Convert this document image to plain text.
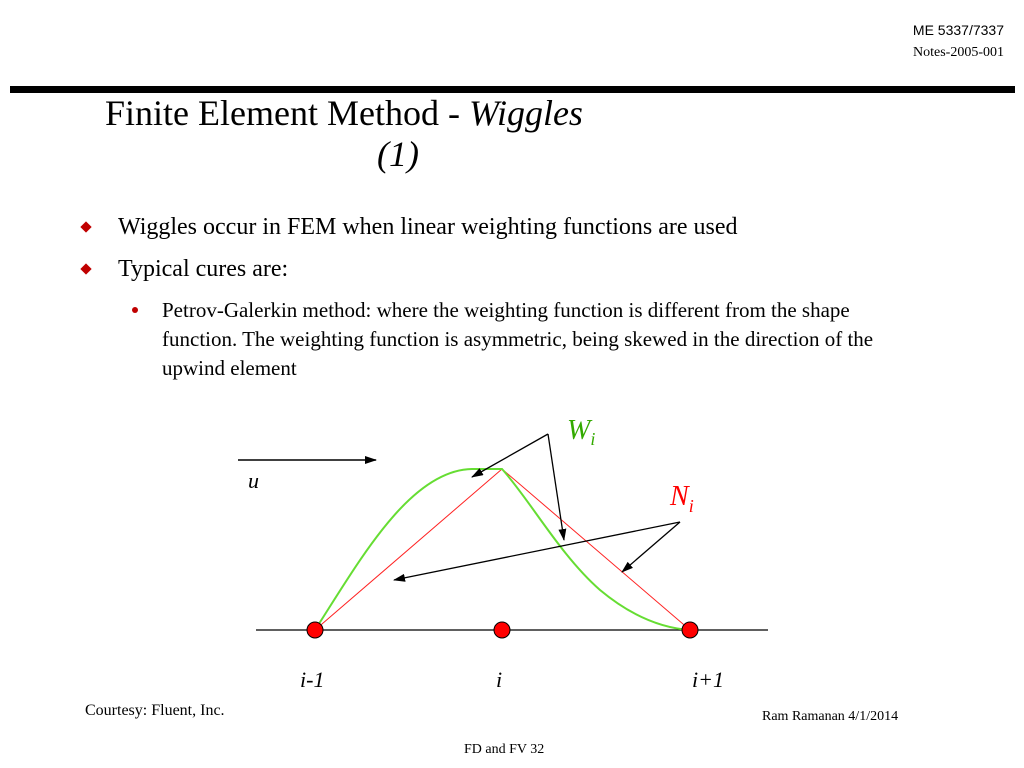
ME 5337/7337
Notes-2005-001
Finite Element Method - Wiggles
(1)
Wiggles occur in FEM when linear weighting functions are used
Typical cures are:
Petrov-Galerkin method: where the weighting function is different from the shape function. The weighting function is asymmetric, being skewed in the direction of the upwind element
u
$W_i$
$N_i$
i-1	i	i+1
Courtesy: Fluent, Inc.	Ram Ramanan 4/1/2014
FD and FV 32
